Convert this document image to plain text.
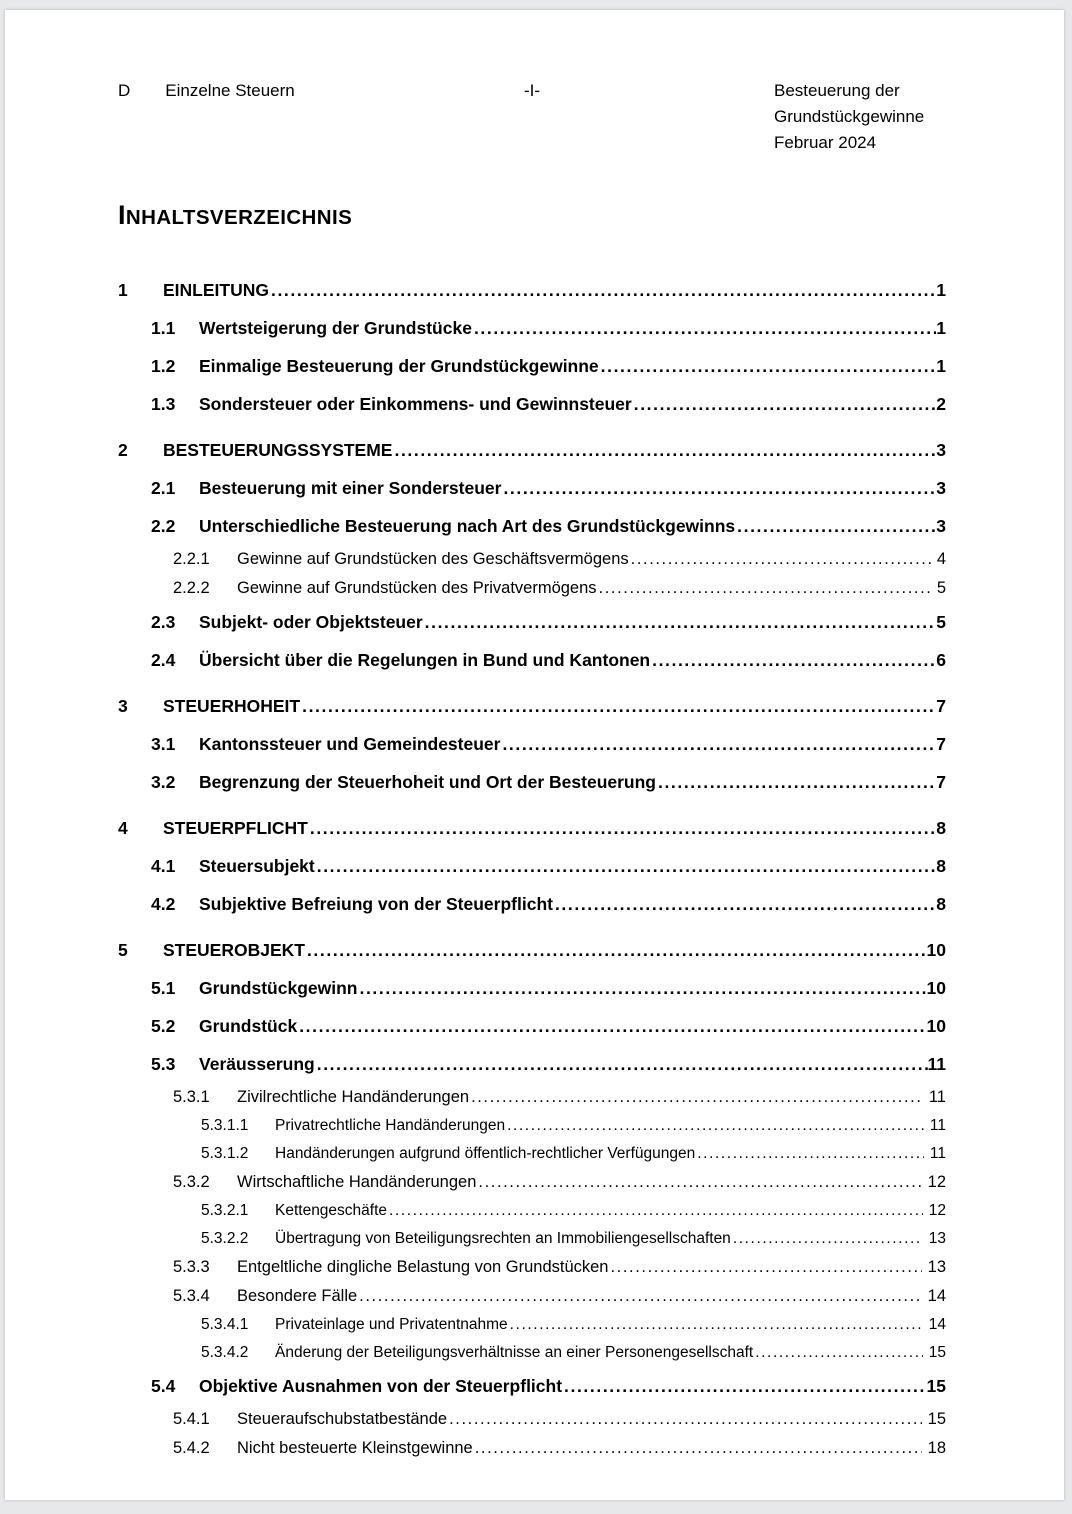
D Einzelne Steuern	-I-	Besteuerung der
Grundstückgewinne
Februar 2024
INHALTSVERZEICHNIS
1	EINLEITUNG .....	1
1.1	Wertsteigerung der Grundstücke .....	1
1.2	Einmalige Besteuerung der Grundstückgewinne .....	1
1.3	Sondersteuer oder Einkommens- und Gewinnsteuer .....	2
2	BESTEUERUNGSSYSTEME .....	3
2.1	Besteuerung mit einer Sondersteuer .....	3
2.2	Unterschiedliche Besteuerung nach Art des Grundstückgewinns .....	3
2.2.1	Gewinne auf Grundstücken des Geschäftsvermögens .....	4
2.2.2	Gewinne auf Grundstücken des Privatvermögens .....	5
2.3	Subjekt- oder Objektsteuer .....	5
2.4	Übersicht über die Regelungen in Bund und Kantonen .....	6
3	STEUERHOHEIT .....	7
3.1	Kantonssteuer und Gemeindesteuer .....	7
3.2	Begrenzung der Steuerhoheit und Ort der Besteuerung .....	7
4	STEUERPFLICHT .....	8
4.1	Steuersubjekt .....	8
4.2	Subjektive Befreiung von der Steuerpflicht .....	8
5	STEUEROBJEKT .....	10
5.1	Grundstückgewinn .....	10
5.2	Grundstück .....	10
5.3	Veräusserung .....	11
5.3.1	Zivilrechtliche Handänderungen .....	11
5.3.1.1	Privatrechtliche Handänderungen .....	11
5.3.1.2	Handänderungen aufgrund öffentlich-rechtlicher Verfügungen .....	11
5.3.2	Wirtschaftliche Handänderungen .....	12
5.3.2.1	Kettengeschäfte .....	12
5.3.2.2	Übertragung von Beteiligungsrechten an Immobiliengesellschaften .....	13
5.3.3	Entgeltliche dingliche Belastung von Grundstücken .....	13
5.3.4	Besondere Fälle .....	14
5.3.4.1	Privateinlage und Privatentnahme .....	14
5.3.4.2	Änderung der Beteiligungsverhältnisse an einer Personengesellschaft .....	15
5.4	Objektive Ausnahmen von der Steuerpflicht .....	15
5.4.1	Steueraufschubstatbestände .....	15
5.4.2	Nicht besteuerte Kleinstgewinne .....	18
